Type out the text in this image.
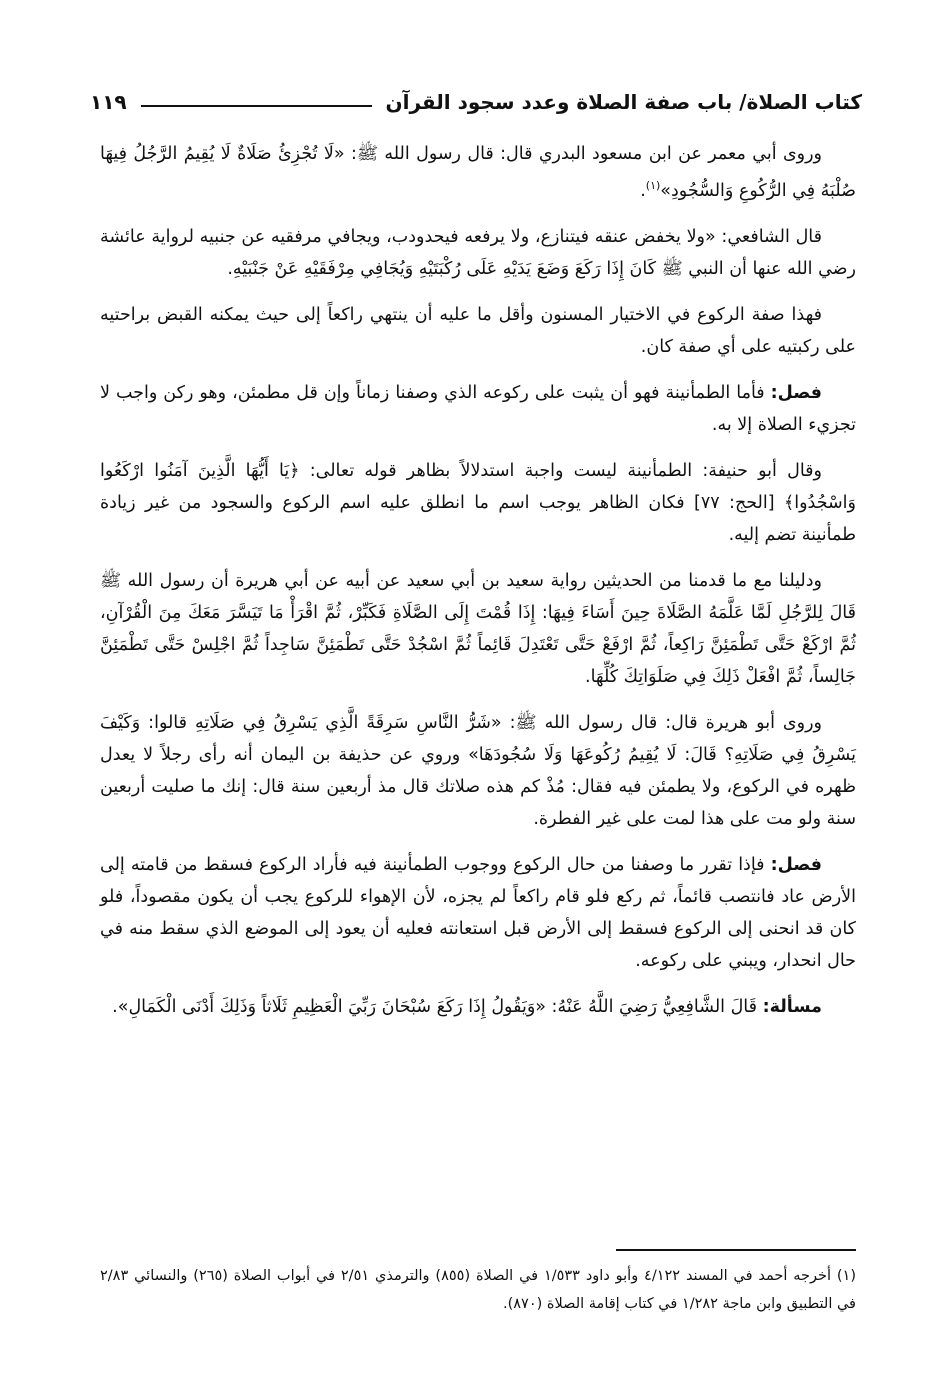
كتاب الصلاة/ باب صفة الصلاة وعدد سجود القرآن
١١٩

وروى أبي معمر عن ابن مسعود البدري قال: قال رسول الله ﷺ: «لَا تُجْزِئُ صَلَاةٌ لَا يُقِيمُ الرَّجُلُ فِيهَا صُلْبَهُ فِي الرُّكُوعِ وَالسُّجُودِ»$^{(١)}$.

قال الشافعي: «ولا يخفض عنقه فيتنازع، ولا يرفعه فيحدودب، ويجافي مرفقيه عن جنبيه لرواية عائشة رضي الله عنها أن النبي ﷺ كَانَ إِذَا رَكَعَ وَضَعَ يَدَيْهِ عَلَى رُكْبَتَيْهِ وَيُجَافِي مِرْفَقَيْهِ عَنْ جَنْبَيْهِ.

فهذا صفة الركوع في الاختيار المسنون وأقل ما عليه أن ينتهي راكعاً إلى حيث يمكنه القبض براحتيه على ركبتيه على أي صفة كان.

فصل: فأما الطمأنينة فهو أن يثبت على ركوعه الذي وصفنا زماناً وإن قل مطمئن، وهو ركن واجب لا تجزيء الصلاة إلا به.

وقال أبو حنيفة: الطمأنينة ليست واجبة استدلالاً بظاهر قوله تعالى: ﴿يَا أَيُّهَا الَّذِينَ آمَنُوا ارْكَعُوا وَاسْجُدُوا﴾ [الحج: ٧٧] فكان الظاهر يوجب اسم ما انطلق عليه اسم الركوع والسجود من غير زيادة طمأنينة تضم إليه.

ودليلنا مع ما قدمنا من الحديثين رواية سعيد بن أبي سعيد عن أبيه عن أبي هريرة أن رسول الله ﷺ قَالَ لِلرَّجُلِ لَمَّا عَلَّمَهُ الصَّلَاةَ حِينَ أَسَاءَ فِيهَا: إِذَا قُمْتَ إِلَى الصَّلَاةِ فَكَبِّرْ، ثُمَّ اقْرَأْ مَا تَيَسَّرَ مَعَكَ مِنَ الْقُرْآنِ، ثُمَّ ارْكَعْ حَتَّى تَطْمَئِنَّ رَاكِعاً، ثُمَّ ارْفَعْ حَتَّى تَعْتَدِلَ قَائِماً ثُمَّ اسْجُدْ حَتَّى تَطْمَئِنَّ سَاجِداً ثُمَّ اجْلِسْ حَتَّى تَطْمَئِنَّ جَالِساً، ثُمَّ افْعَلْ ذَلِكَ فِي صَلَوَاتِكَ كُلِّهَا.

وروى أبو هريرة قال: قال رسول الله ﷺ: «شَرُّ النَّاسِ سَرِقَةً الَّذِي يَسْرِقُ فِي صَلَاتِهِ قالوا: وَكَيْفَ يَسْرِقُ فِي صَلَاتِهِ؟ قَالَ: لَا يُقِيمُ رُكُوعَهَا وَلَا سُجُودَهَا» وروي عن حذيفة بن اليمان أنه رأى رجلاً لا يعدل ظهره في الركوع، ولا يطمئن فيه فقال: مُذْ كم هذه صلاتك قال مذ أربعين سنة قال: إنك ما صليت أربعين سنة ولو مت على هذا لمت على غير الفطرة.

فصل: فإذا تقرر ما وصفنا من حال الركوع ووجوب الطمأنينة فيه فأراد الركوع فسقط من قامته إلى الأرض عاد فانتصب قائماً، ثم ركع فلو قام راكعاً لم يجزه، لأن الإهواء للركوع يجب أن يكون مقصوداً، فلو كان قد انحنى إلى الركوع فسقط إلى الأرض قبل استعانته فعليه أن يعود إلى الموضع الذي سقط منه في حال انحدار، ويبني على ركوعه.

مسألة: قَالَ الشَّافِعِيُّ رَضِيَ اللَّهُ عَنْهُ: «وَيَقُولُ إِذَا رَكَعَ سُبْحَانَ رَبِّيَ الْعَظِيمِ ثَلَاثاً وَذَلِكَ أَدْنَى الْكَمَالِ».

(١) أخرجه أحمد في المسند ٤/١٢٢ وأبو داود ١/٥٣٣ في الصلاة (٨٥٥) والترمذي ٢/٥١ في أبواب الصلاة (٢٦٥) والنسائي ٢/٨٣ في التطبيق وابن ماجة ١/٢٨٢ في كتاب إقامة الصلاة (٨٧٠).
